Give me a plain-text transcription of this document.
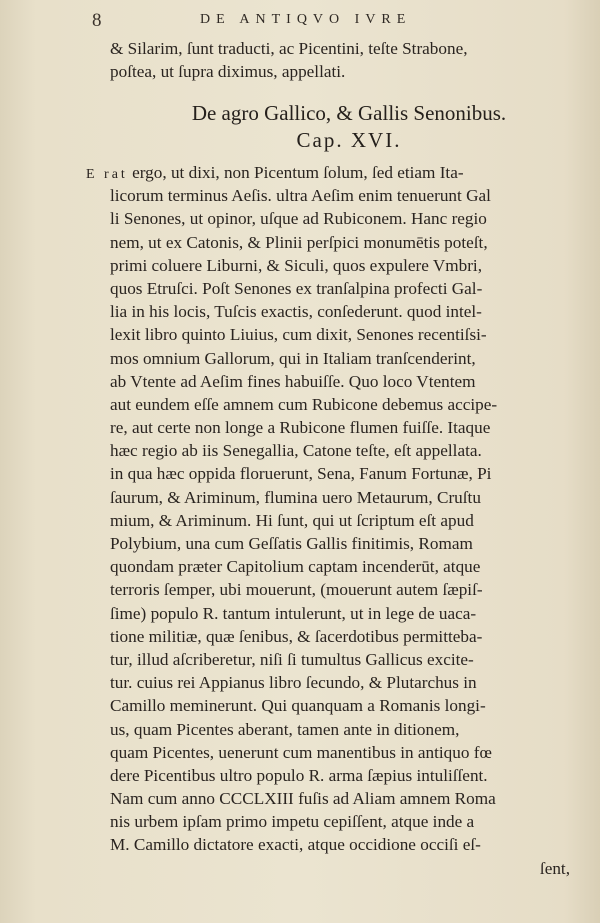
8	DE ANTIQVO IVRE
& Silarim, ſunt traducti, ac Picentini, teſte Strabone,
poſtea, ut ſupra diximus, appellati.
De agro Gallico, & Gallis Senonibus.
Cap. XVI.
E rat ergo, ut dixi, non Picentum ſolum, ſed etiam Ita-
licorum terminus Aeſis. ultra Aeſim enim tenuerunt Gal
li Senones, ut opinor, uſque ad Rubiconem. Hanc regio
nem, ut ex Catonis, & Plinii perſpici monumētis poteſt,
primi coluere Liburni, & Siculi, quos expulere Vmbri,
quos Etruſci. Poſt Senones ex tranſalpina profecti Gal-
lia in his locis, Tuſcis exactis, conſederunt. quod intel-
lexit libro quinto Liuius, cum dixit, Senones recentiſsi-
mos omnium Gallorum, qui in Italiam tranſcenderint,
ab Vtente ad Aeſim fines habuiſſe. Quo loco Vtentem
aut eundem eſſe amnem cum Rubicone debemus accipe-
re, aut certe non longe a Rubicone flumen fuiſſe. Itaque
hæc regio ab iis Senegallia, Catone teſte, eſt appellata.
in qua hæc oppida floruerunt, Sena, Fanum Fortunæ, Pi
ſaurum, & Ariminum, flumina uero Metaurum, Cruſtu
mium, & Ariminum. Hi ſunt, qui ut ſcriptum eſt apud
Polybium, una cum Geſſatis Gallis finitimis, Romam
quondam præter Capitolium captam incenderūt, atque
terroris ſemper, ubi mouerunt, (mouerunt autem ſæpiſ-
ſime) populo R. tantum intulerunt, ut in lege de uaca-
tione militiæ, quæ ſenibus, & ſacerdotibus permitteba-
tur, illud aſcriberetur, niſi ſi tumultus Gallicus excite-
tur. cuius rei Appianus libro ſecundo, & Plutarchus in
Camillo meminerunt. Qui quanquam a Romanis longi-
us, quam Picentes aberant, tamen ante in ditionem,
quam Picentes, uenerunt cum manentibus in antiquo fœ
dere Picentibus ultro populo R. arma ſæpius intuliſſent.
Nam cum anno CCCLXIII fuſis ad Aliam amnem Roma
nis urbem ipſam primo impetu cepiſſent, atque inde a
M. Camillo dictatore exacti, atque occidione occiſi eſ-
ſent,
